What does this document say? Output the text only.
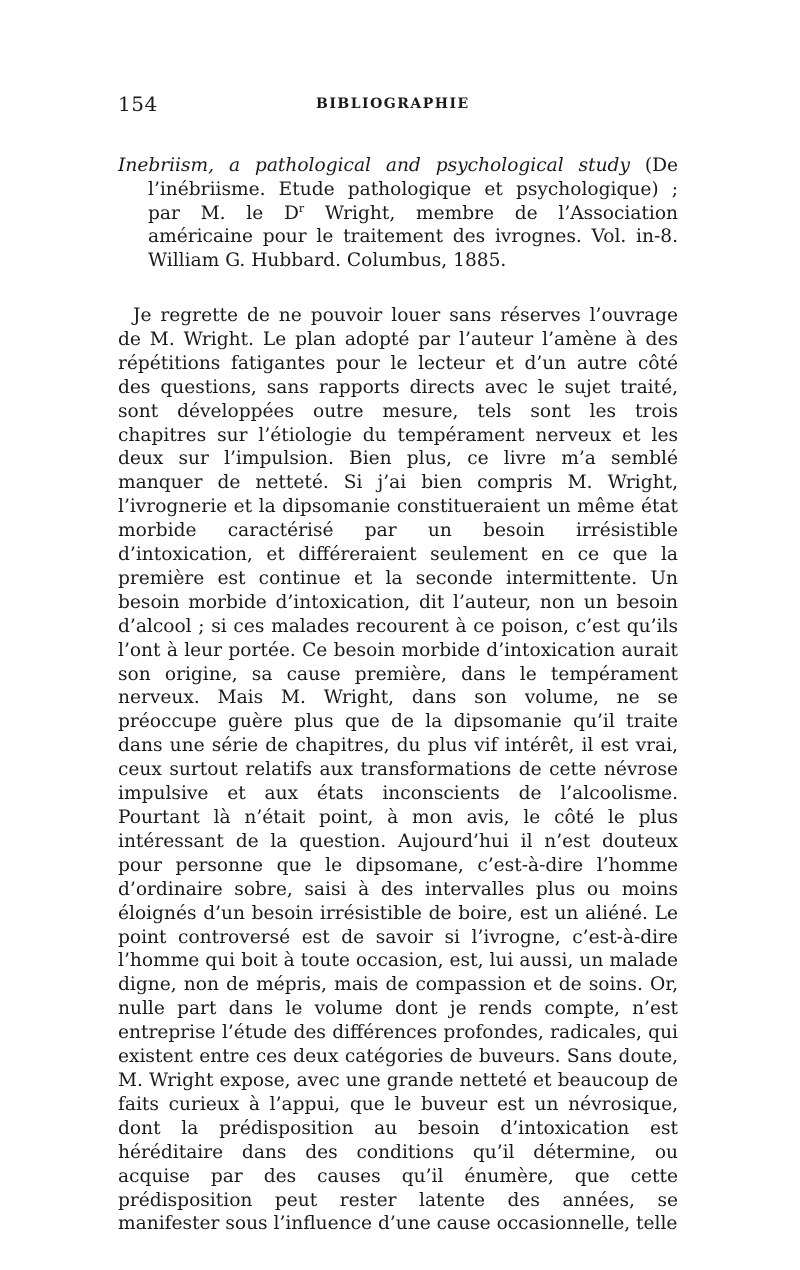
154	BIBLIOGRAPHIE

Inebriism, a pathological and psychological study (De l’inébriisme. Etude pathologique et psychologique) ; par M. le $D^r$ Wright, membre de l’Association américaine pour le traitement des ivrognes. Vol. in-8. William G. Hubbard. Columbus, 1885.

Je regrette de ne pouvoir louer sans réserves l’ouvrage de M. Wright. Le plan adopté par l’auteur l’amène à des répétitions fatigantes pour le lecteur et d’un autre côté des questions, sans rapports directs avec le sujet traité, sont développées outre mesure, tels sont les trois chapitres sur l’étiologie du tempérament nerveux et les deux sur l’impulsion. Bien plus, ce livre m’a semblé manquer de netteté. Si j’ai bien compris M. Wright, l’ivrognerie et la dipsomanie constitueraient un même état morbide caractérisé par un besoin irrésistible d’intoxication, et différeraient seulement en ce que la première est continue et la seconde intermittente. Un besoin morbide d’intoxication, dit l’auteur, non un besoin d’alcool ; si ces malades recourent à ce poison, c’est qu’ils l’ont à leur portée. Ce besoin morbide d’intoxication aurait son origine, sa cause première, dans le tempérament nerveux. Mais M. Wright, dans son volume, ne se préoccupe guère plus que de la dipsomanie qu’il traite dans une série de chapitres, du plus vif intérêt, il est vrai, ceux surtout relatifs aux transformations de cette névrose impulsive et aux états inconscients de l’alcoolisme. Pourtant là n’était point, à mon avis, le côté le plus intéressant de la question. Aujourd’hui il n’est douteux pour personne que le dipsomane, c’est-à-dire l’homme d’ordinaire sobre, saisi à des intervalles plus ou moins éloignés d’un besoin irrésistible de boire, est un aliéné. Le point controversé est de savoir si l’ivrogne, c’est-à-dire l’homme qui boit à toute occasion, est, lui aussi, un malade digne, non de mépris, mais de compassion et de soins. Or, nulle part dans le volume dont je rends compte, n’est entreprise l’étude des différences profondes, radicales, qui existent entre ces deux catégories de buveurs. Sans doute, M. Wright expose, avec une grande netteté et beaucoup de faits curieux à l’appui, que le buveur est un névrosique, dont la prédisposition au besoin d’intoxication est héréditaire dans des conditions qu’il détermine, ou acquise par des causes qu’il énumère, que cette prédisposition peut rester latente des années, se manifester sous l’influence d’une cause occasionnelle, telle
